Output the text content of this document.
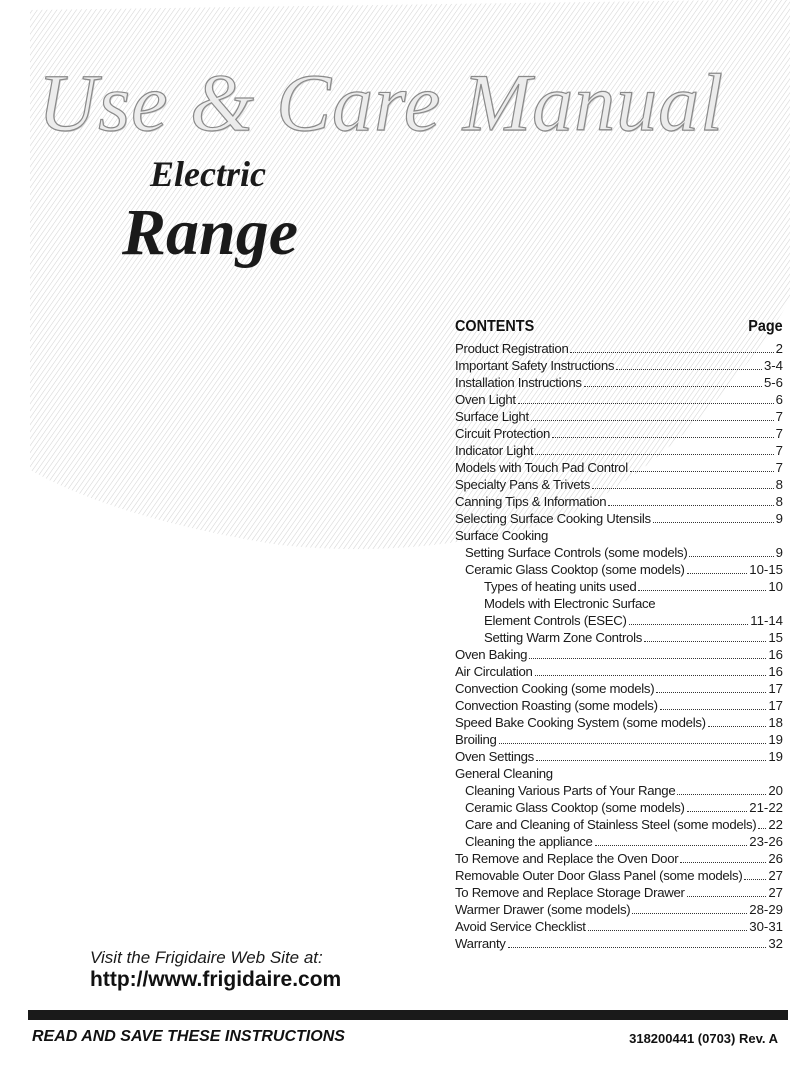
Use & Care Manual
Electric
Range
CONTENTS	Page
Product Registration	2
Important Safety Instructions	3-4
Installation Instructions	5-6
Oven Light	6
Surface Light	7
Circuit Protection	7
Indicator Light	7
Models with Touch Pad Control	7
Specialty Pans & Trivets	8
Canning Tips & Information	8
Selecting Surface Cooking Utensils	9
Surface Cooking
Setting Surface Controls (some models)	9
Ceramic Glass Cooktop (some models)	10-15
Types of heating units used	10
Models with Electronic Surface
Element Controls (ESEC)	11-14
Setting Warm Zone Controls	15
Oven Baking	16
Air Circulation	16
Convection Cooking (some models)	17
Convection Roasting (some models)	17
Speed Bake Cooking System (some models)	18
Broiling	19
Oven Settings	19
General Cleaning
Cleaning Various Parts of Your Range	20
Ceramic Glass Cooktop (some models)	21-22
Care and Cleaning of Stainless Steel (some models) 22
Cleaning the appliance	23-26
To Remove and Replace the Oven Door	26
Removable Outer Door Glass Panel (some models) 27
To Remove and Replace Storage Drawer	27
Warmer Drawer (some models)	28-29
Avoid Service Checklist	30-31
Warranty	32

Visit the Frigidaire Web Site at:

http://www.frigidaire.com

READ AND SAVE THESE INSTRUCTIONS	318200441 (0703) Rev. A
